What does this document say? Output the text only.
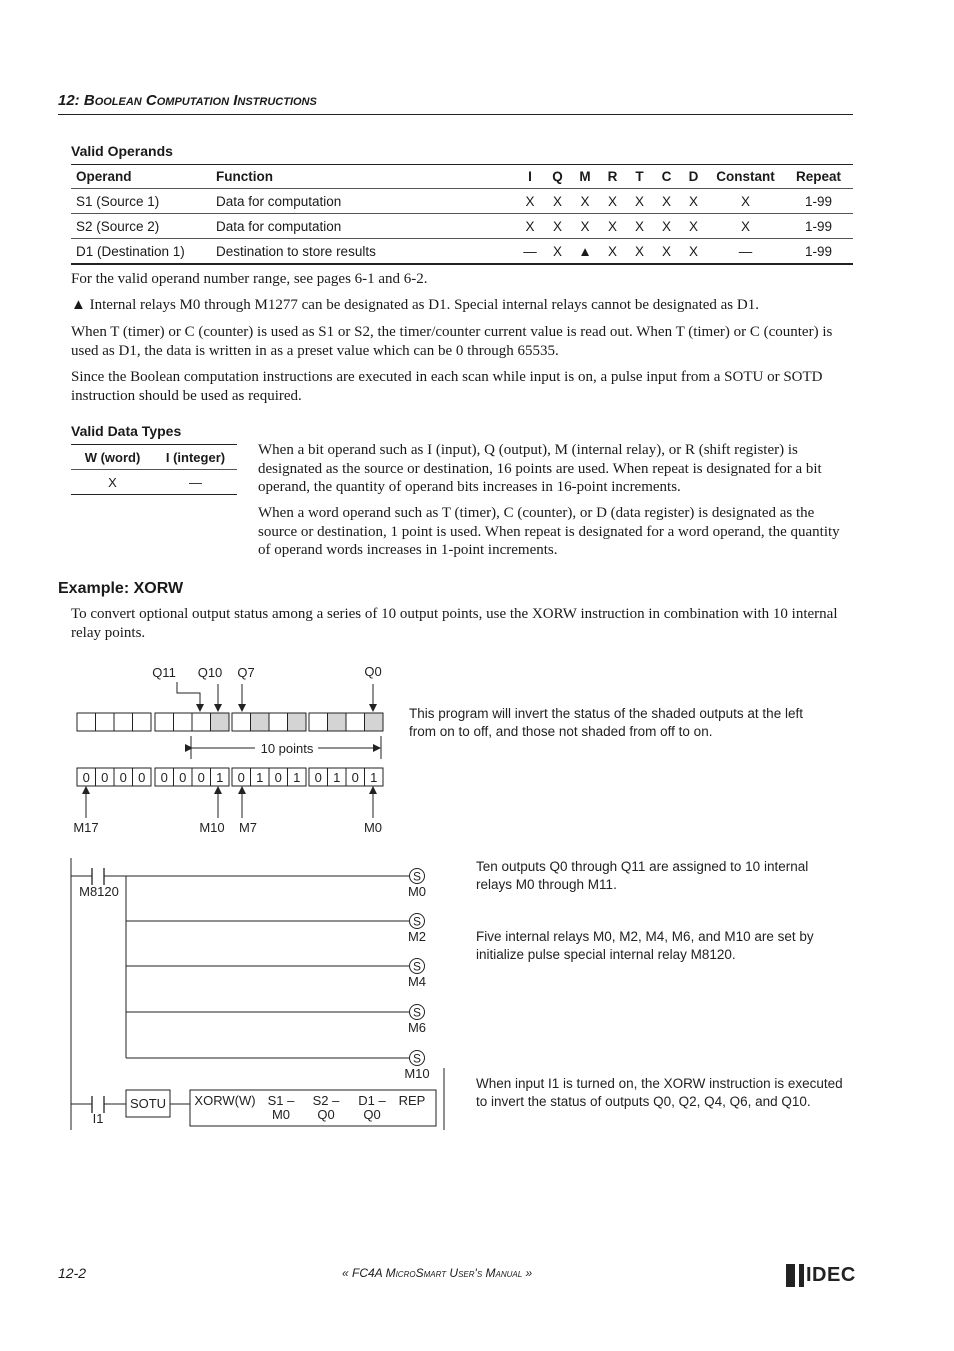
12: Boolean Computation Instructions
Valid Operands
Operand	Function	I	Q	M	R	T	C	D	Constant	Repeat
S1 (Source 1)	Data for computation	X	X	X	X	X	X	X	X	1-99
S2 (Source 2)	Data for computation	X	X	X	X	X	X	X	X	1-99
D1 (Destination 1)	Destination to store results	—	X	▲	X	X	X	X	—	1-99
For the valid operand number range, see pages 6-1 and 6-2.
▲ Internal relays M0 through M1277 can be designated as D1. Special internal relays cannot be designated as D1.
When T (timer) or C (counter) is used as S1 or S2, the timer/counter current value is read out. When T (timer) or C (counter) is used as D1, the data is written in as a preset value which can be 0 through 65535.
Since the Boolean computation instructions are executed in each scan while input is on, a pulse input from a SOTU or SOTD instruction should be used as required.
Valid Data Types
W (word)	I (integer)
X	—
When a bit operand such as I (input), Q (output), M (internal relay), or R (shift register) is designated as the source or destination, 16 points are used. When repeat is designated for a bit operand, the quantity of operand bits increases in 16-point increments.
When a word operand such as T (timer), C (counter), or D (data register) is designated as the source or destination, 1 point is used. When repeat is designated for a word operand, the quantity of operand words increases in 1-point increments.
Example: XORW
To convert optional output status among a series of 10 output points, use the XORW instruction in combination with 10 internal relay points.
Q11 Q10 Q7	Q0
0 0 0 0 0 0 0 1 0 1 0 1 0 1 0 1
10 points
M17	M10 M7	M0
This program will invert the status of the shaded outputs at the left from on to off, and those not shaded from off to on.
M8120
S
M0
S
M2
S
M4
S
M6
S
M10
I1
SOTU XORW(W) S1 –
M0
S2 –
Q0
D1 –
Q0
REP
Ten outputs Q0 through Q11 are assigned to 10 internal relays M0 through M11.
Five internal relays M0, M2, M4, M6, and M10 are set by initialize pulse special internal relay M8120.
When input I1 is turned on, the XORW instruction is executed to invert the status of outputs Q0, Q2, Q4, Q6, and Q10.
12-2	« FC4A MicroSmart User's Manual »	IDEC
